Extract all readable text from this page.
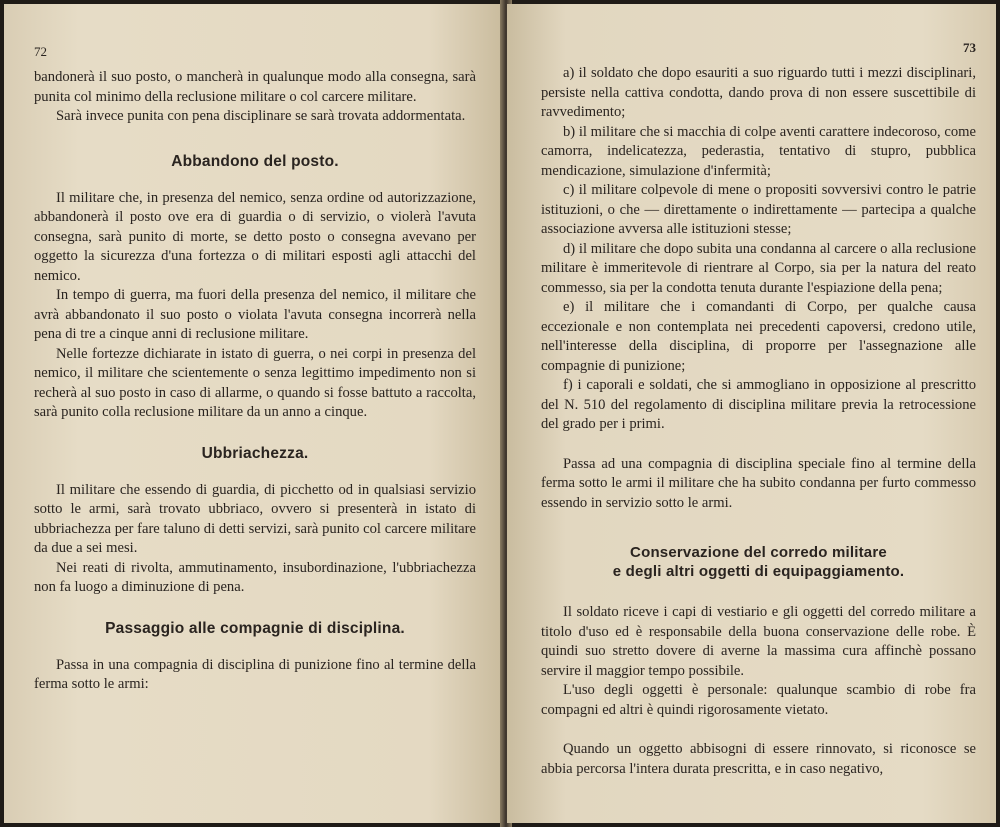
72

bandonerà il suo posto, o mancherà in qualunque modo alla consegna, sarà punita col minimo della reclusione militare o col carcere militare.

Sarà invece punita con pena disciplinare se sarà trovata addormentata.

Abbandono del posto.

Il militare che, in presenza del nemico, senza ordine od autorizzazione, abbandonerà il posto ove era di guardia o di servizio, o violerà l'avuta consegna, sarà punito di morte, se detto posto o consegna avevano per oggetto la sicurezza d'una fortezza o di militari esposti agli attacchi del nemico.

In tempo di guerra, ma fuori della presenza del nemico, il militare che avrà abbandonato il suo posto o violata l'avuta consegna incorrerà nella pena di tre a cinque anni di reclusione militare.

Nelle fortezze dichiarate in istato di guerra, o nei corpi in presenza del nemico, il militare che scientemente o senza legittimo impedimento non si recherà al suo posto in caso di allarme, o quando si fosse battuto a raccolta, sarà punito colla reclusione militare da un anno a cinque.

Ubbriachezza.

Il militare che essendo di guardia, di picchetto od in qualsiasi servizio sotto le armi, sarà trovato ubbriaco, ovvero si presenterà in istato di ubbriachezza per fare taluno di detti servizi, sarà punito col carcere militare da due a sei mesi.

Nei reati di rivolta, ammutinamento, insubordinazione, l'ubbriachezza non fa luogo a diminuzione di pena.

Passaggio alle compagnie di disciplina.

Passa in una compagnia di disciplina di punizione fino al termine della ferma sotto le armi:

73

a) il soldato che dopo esauriti a suo riguardo tutti i mezzi disciplinari, persiste nella cattiva condotta, dando prova di non essere suscettibile di ravvedimento;

b) il militare che si macchia di colpe aventi carattere indecoroso, come camorra, indelicatezza, pederastia, tentativo di stupro, pubblica mendicazione, simulazione d'infermità;

c) il militare colpevole di mene o propositi sovversivi contro le patrie istituzioni, o che — direttamente o indirettamente — partecipa a qualche associazione avversa alle istituzioni stesse;

d) il militare che dopo subita una condanna al carcere o alla reclusione militare è immeritevole di rientrare al Corpo, sia per la natura del reato commesso, sia per la condotta tenuta durante l'espiazione della pena;

e) il militare che i comandanti di Corpo, per qualche causa eccezionale e non contemplata nei precedenti capoversi, credono utile, nell'interesse della disciplina, di proporre per l'assegnazione alle compagnie di punizione;

f) i caporali e soldati, che si ammogliano in opposizione al prescritto del N. 510 del regolamento di disciplina militare previa la retrocessione del grado per i primi.

Passa ad una compagnia di disciplina speciale fino al termine della ferma sotto le armi il militare che ha subito condanna per furto commesso essendo in servizio sotto le armi.

Conservazione del corredo militare
e degli altri oggetti di equipaggiamento.

Il soldato riceve i capi di vestiario e gli oggetti del corredo militare a titolo d'uso ed è responsabile della buona conservazione delle robe. È quindi suo stretto dovere di averne la massima cura affinchè possano servire il maggior tempo possibile.

L'uso degli oggetti è personale: qualunque scambio di robe fra compagni ed altri è quindi rigorosamente vietato.

Quando un oggetto abbisogni di essere rinnovato, si riconosce se abbia percorsa l'intera durata prescritta, e in caso negativo,
